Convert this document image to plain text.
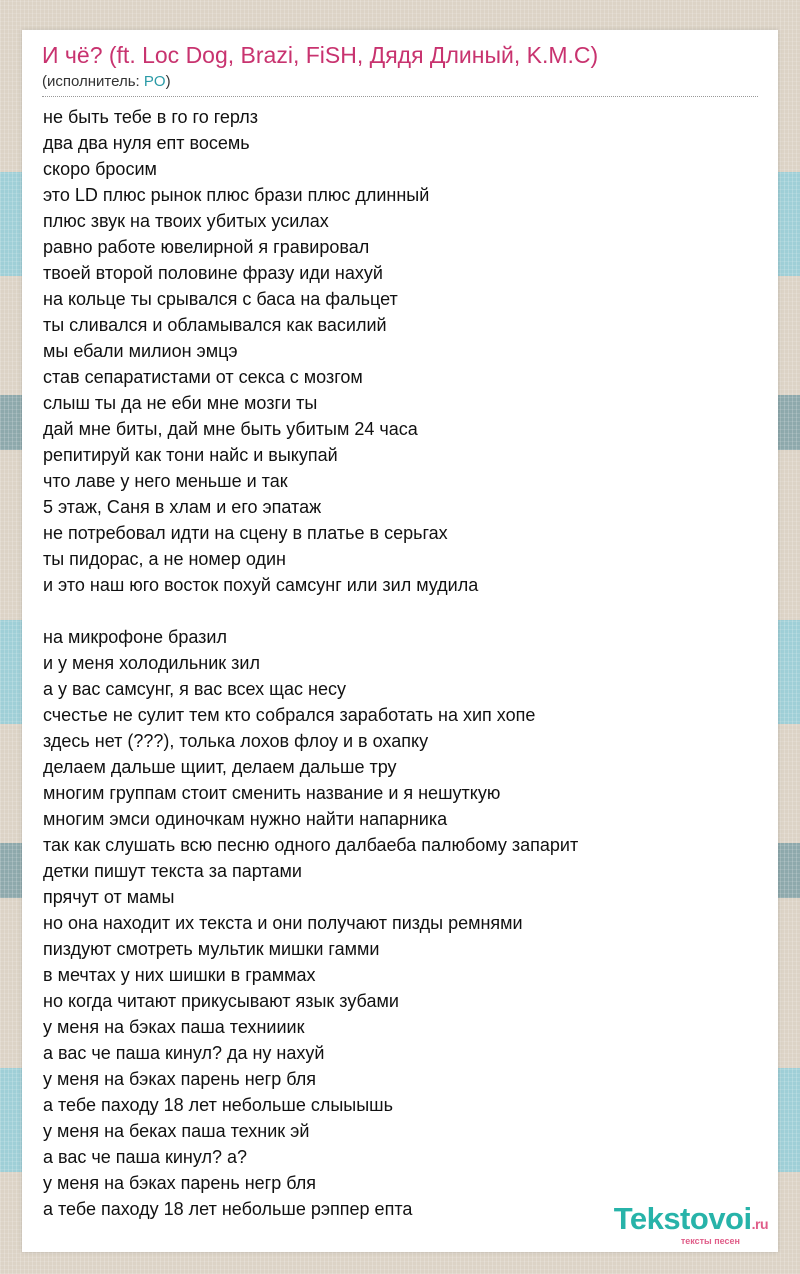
И чё? (ft. Loc Dog, Brazi, FiSH, Дядя Длиный, K.M.C)
(исполнитель: PO)
не быть тебе в го го герлз
два два нуля епт восемь
скоро бросим
это LD плюс рынок плюс брази плюс длинный
плюс звук на твоих убитых усилах
равно работе ювелирной я гравировал
твоей второй половине фразу иди нахуй
на кольце ты срывался с баса на фальцет
ты сливался и обламывался как василий
мы ебали милион эмцэ
став сепаратистами от секса с мозгом
слыш ты да не еби мне мозги ты
дай мне биты, дай мне быть убитым 24 часа
репитируй как тони найс и выкупай
что лаве у него меньше и так
5 этаж, Саня в хлам и его эпатаж
не потребовал идти на сцену в платье в серьгах
ты пидорас, а не номер один
и это наш юго восток похуй самсунг или зил мудила
на микрофоне бразил
и у меня холодильник зил
а у вас самсунг, я вас всех щас несу
счестье не сулит тем кто собрался заработать на хип хопе
здесь нет (???), толька лохов флоу и в охапку
делаем дальше щиит, делаем дальше тру
многим группам стоит сменить название и я нешуткую
многим эмси одиночкам нужно найти напарника
так как слушать всю песню одного далбаеба палюбому запарит
детки пишут текста за партами
прячут от мамы
но она находит их текста и они получают пизды ремнями
пиздуют смотреть мультик мишки гамми
в мечтах у них шишки в граммах
но когда читают прикусывают язык зубами
у меня на бэках паша технииик
а вас че паша кинул? да ну нахуй
у меня на бэках парень негр бля
а тебе паходу 18 лет небольше слыыышь
у меня на беках паша техник эй
а вас че паша кинул? а?
у меня на бэках парень негр бля
а тебе паходу 18 лет небольше рэппер епта	Tekstovoi.ru
тексты песен
